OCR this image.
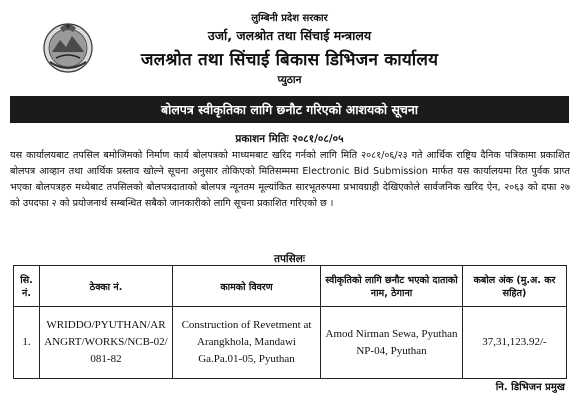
लुम्बिनी प्रदेश सरकार
उर्जा, जलश्रोत तथा सिंचाई मन्त्रालय
जलश्रोत तथा सिंचाई बिकास डिभिजन कार्यालय
प्युठान
बोलपत्र स्वीकृतिका लागि छनौट गरिएको आशयको सूचना
प्रकाशन मितिः २०८१/०८/०५
यस कार्यालयबाट तपसिल बमोजिमको निर्माण कार्य बोलपत्रको माध्यमबाट खरिद गर्नको लागि मिति २०८१/०६/२३ गते आर्थिक राष्ट्रिय दैनिक पत्रिकामा प्रकाशित बोलपत्र आव्हान तथा आर्थिक प्रस्ताव खोल्ने सूचना अनुसार तोकिएको मितिसम्ममा Electronic Bid Submission मार्फत यस कार्यालयमा रित पुर्वक प्राप्त भएका बोलपत्रहरु मध्येबाट तपसिलको बोलपत्रदाताको बोलपत्र न्यूनतम मूल्यांकित सारभूतरुपमा प्रभावग्राही देखिएकोले सार्वजनिक खरिद ऐन, २०६३ को दफा २७ को उपदफा २ को प्रयोजनार्थ सम्बन्धित सबैको जानकारीको लागि सूचना प्रकाशित गरिएको छ ।
तपसिलः
सि. नं.	ठेक्का नं.	कामको विवरण	स्वीकृतिको लागि छनौट भएको दाताको नाम, ठेगाना	कबोल अंक (मु.अ. कर सहित)
1.	WRIDDO/PYUTHAN/ARANGRT/WORKS/NCB-02/081-82	Construction of Revetment at Arangkhola, Mandawi Ga.Pa.01-05, Pyuthan	Amod Nirman Sewa, Pyuthan NP-04, Pyuthan	37,31,123.92/-
नि. डिभिजन प्रमुख
